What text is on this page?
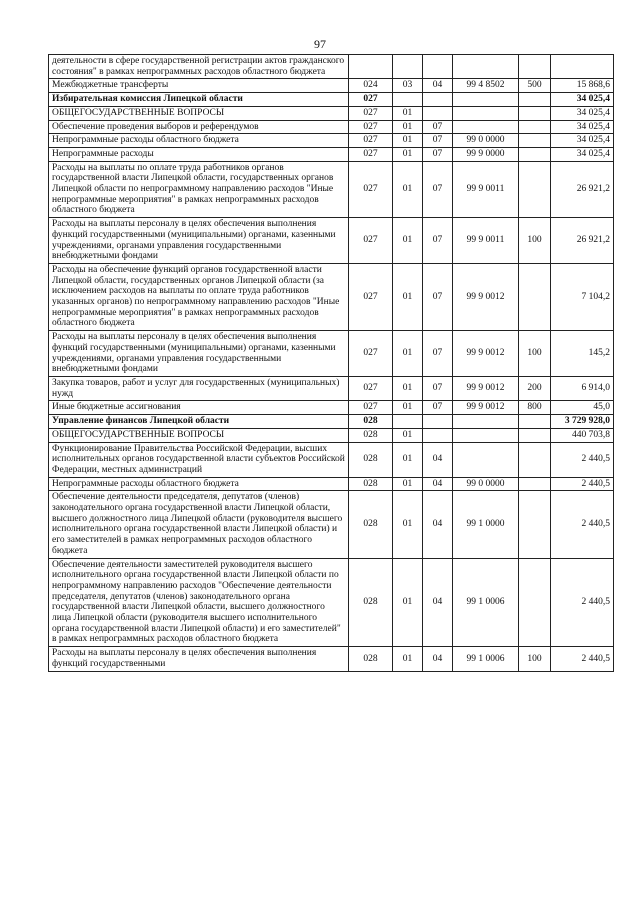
97
деятельности в сфере государственной регистрации актов гражданского состояния" в рамках непрограммных расходов областного бюджета						
Межбюджетные трансферты	024	03	04	99 4 8502	500	15 868,6
Избирательная комиссия Липецкой области	027					34 025,4
ОБЩЕГОСУДАРСТВЕННЫЕ ВОПРОСЫ	027	01				34 025,4
Обеспечение проведения выборов и референдумов	027	01	07			34 025,4
Непрограммные расходы областного бюджета	027	01	07	99 0 0000		34 025,4
Непрограммные расходы	027	01	07	99 9 0000		34 025,4
Расходы на выплаты по оплате труда работников органов государственной власти Липецкой области, государственных органов Липецкой области по непрограммному направлению расходов "Иные непрограммные мероприятия" в рамках непрограммных расходов областного бюджета	027	01	07	99 9 0011		26 921,2
Расходы на выплаты персоналу в целях обеспечения выполнения функций государственными (муниципальными) органами, казенными учреждениями, органами управления государственными внебюджетными фондами	027	01	07	99 9 0011	100	26 921,2
Расходы на обеспечение функций органов государственной власти Липецкой области, государственных органов Липецкой области (за исключением расходов на выплаты по оплате труда работников указанных органов) по непрограммному направлению расходов "Иные непрограммные мероприятия" в рамках непрограммных расходов областного бюджета	027	01	07	99 9 0012		7 104,2
Расходы на выплаты персоналу в целях обеспечения выполнения функций государственными (муниципальными) органами, казенными учреждениями, органами управления государственными внебюджетными фондами	027	01	07	99 9 0012	100	145,2
Закупка товаров, работ и услуг для государственных (муниципальных) нужд	027	01	07	99 9 0012	200	6 914,0
Иные бюджетные ассигнования	027	01	07	99 9 0012	800	45,0
Управление финансов Липецкой области	028					3 729 928,0
ОБЩЕГОСУДАРСТВЕННЫЕ ВОПРОСЫ	028	01				440 703,8
Функционирование Правительства Российской Федерации, высших исполнительных органов государственной власти субъектов Российской Федерации, местных администраций	028	01	04			2 440,5
Непрограммные расходы областного бюджета	028	01	04	99 0 0000		2 440,5
Обеспечение деятельности председателя, депутатов (членов) законодательного органа государственной власти Липецкой области, высшего должностного лица Липецкой области (руководителя высшего исполнительного органа государственной власти Липецкой области) и его заместителей в рамках непрограммных расходов областного бюджета	028	01	04	99 1 0000		2 440,5
Обеспечение деятельности заместителей руководителя высшего исполнительного органа государственной власти Липецкой области по непрограммному направлению расходов "Обеспечение деятельности председателя, депутатов (членов) законодательного органа государственной власти Липецкой области, высшего должностного лица Липецкой области (руководителя высшего исполнительного органа государственной власти Липецкой области) и его заместителей" в рамках непрограммных расходов областного бюджета	028	01	04	99 1 0006		2 440,5
Расходы на выплаты персоналу в целях обеспечения выполнения функций государственными	028	01	04	99 1 0006	100	2 440,5
